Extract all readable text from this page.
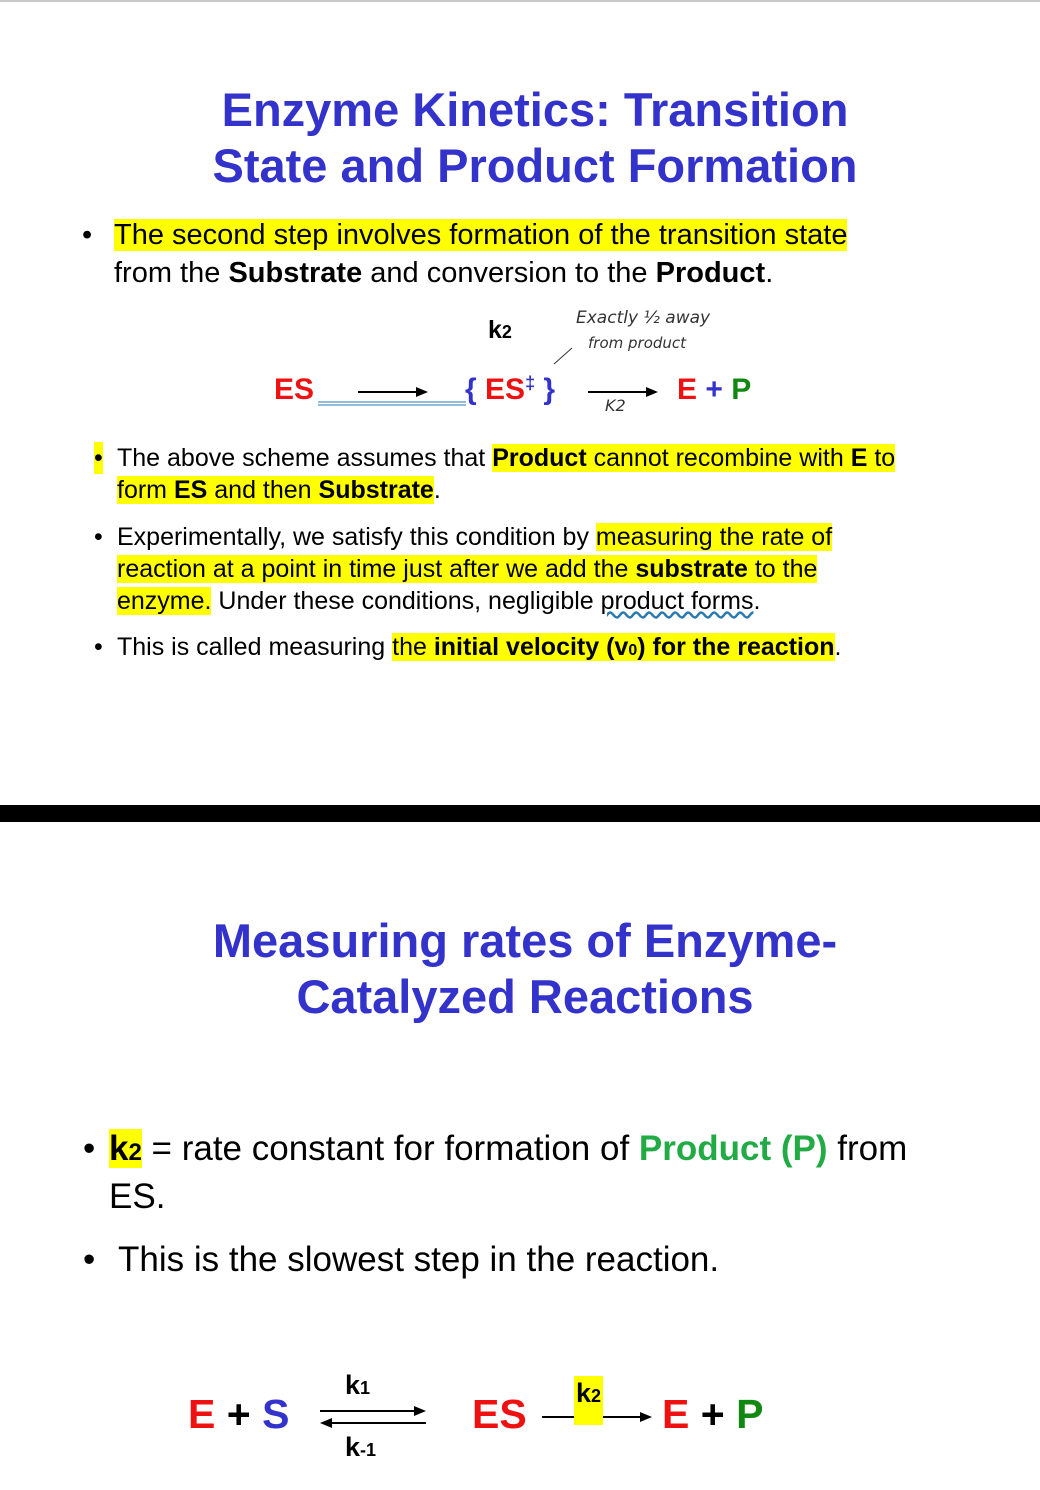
Enzyme Kinetics: Transition
State and Product Formation
• The second step involves formation of the transition state
from the Substrate and conversion to the Product.
k2
ES	{ ES‡ }	E + P
Exactly ½ away
from product
K2
• The above scheme assumes that Product cannot recombine with E to
form ES and then Substrate.
• Experimentally, we satisfy this condition by measuring the rate of
reaction at a point in time just after we add the substrate to the
enzyme. Under these conditions, negligible product forms.
• This is called measuring the initial velocity (v0) for the reaction.
Measuring rates of Enzyme-
Catalyzed Reactions
• k2 = rate constant for formation of Product (P) from
ES.
• This is the slowest step in the reaction.
E + S
k1
k-1
ES k2 E + P
